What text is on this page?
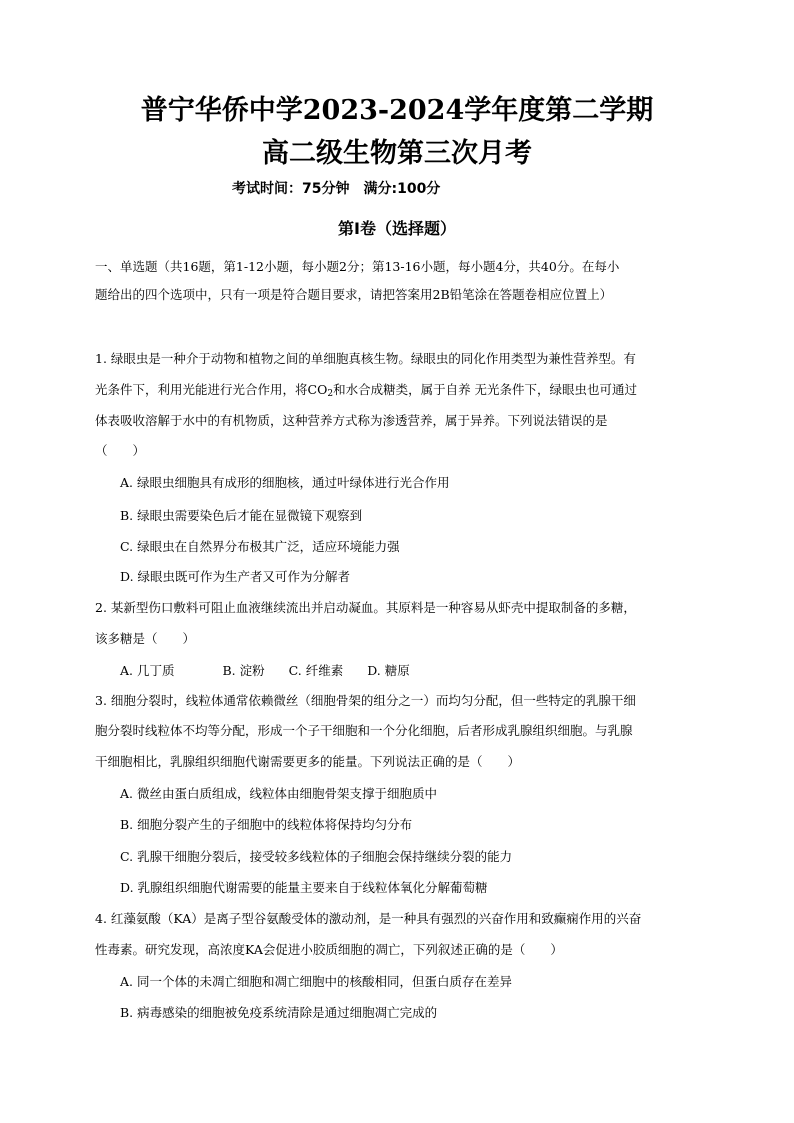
普宁华侨中学2023-2024学年度第二学期
高二级生物第三次月考
考试时间：75分钟 满分:100分
第Ⅰ卷（选择题）
一、单选题（共16题，第1-12小题，每小题2分；第13-16小题，每小题4分，共40分。在每小
题给出的四个选项中，只有一项是符合题目要求，请把答案用2B铅笔涂在答题卷相应位置上）
1. 绿眼虫是一种介于动物和植物之间的单细胞真核生物。绿眼虫的同化作用类型为兼性营养型。有
光条件下，利用光能进行光合作用，将$CO_2$和水合成糖类，属于自养 无光条件下，绿眼虫也可通过
体表吸收溶解于水中的有机物质，这种营养方式称为渗透营养，属于异养。下列说法错误的是
（　　）
A. 绿眼虫细胞具有成形的细胞核，通过叶绿体进行光合作用
B. 绿眼虫需要染色后才能在显微镜下观察到
C. 绿眼虫在自然界分布极其广泛，适应环境能力强
D. 绿眼虫既可作为生产者又可作为分解者
2. 某新型伤口敷料可阻止血液继续流出并启动凝血。其原料是一种容易从虾壳中提取制备的多糖，
该多糖是（　　）
A. 几丁质	B. 淀粉 C. 纤维素 D. 糖原
3. 细胞分裂时，线粒体通常依赖微丝（细胞骨架的组分之一）而均匀分配，但一些特定的乳腺干细
胞分裂时线粒体不均等分配，形成一个子干细胞和一个分化细胞，后者形成乳腺组织细胞。与乳腺
干细胞相比，乳腺组织细胞代谢需要更多的能量。下列说法正确的是（　　）
A. 微丝由蛋白质组成，线粒体由细胞骨架支撑于细胞质中
B. 细胞分裂产生的子细胞中的线粒体将保持均匀分布
C. 乳腺干细胞分裂后，接受较多线粒体的子细胞会保持继续分裂的能力
D. 乳腺组织细胞代谢需要的能量主要来自于线粒体氧化分解葡萄糖
4. 红藻氨酸（KA）是离子型谷氨酸受体的激动剂，是一种具有强烈的兴奋作用和致癫痫作用的兴奋
性毒素。研究发现，高浓度KA会促进小胶质细胞的凋亡，下列叙述正确的是（　　）
A. 同一个体的未凋亡细胞和凋亡细胞中的核酸相同，但蛋白质存在差异
B. 病毒感染的细胞被免疫系统清除是通过细胞凋亡完成的
